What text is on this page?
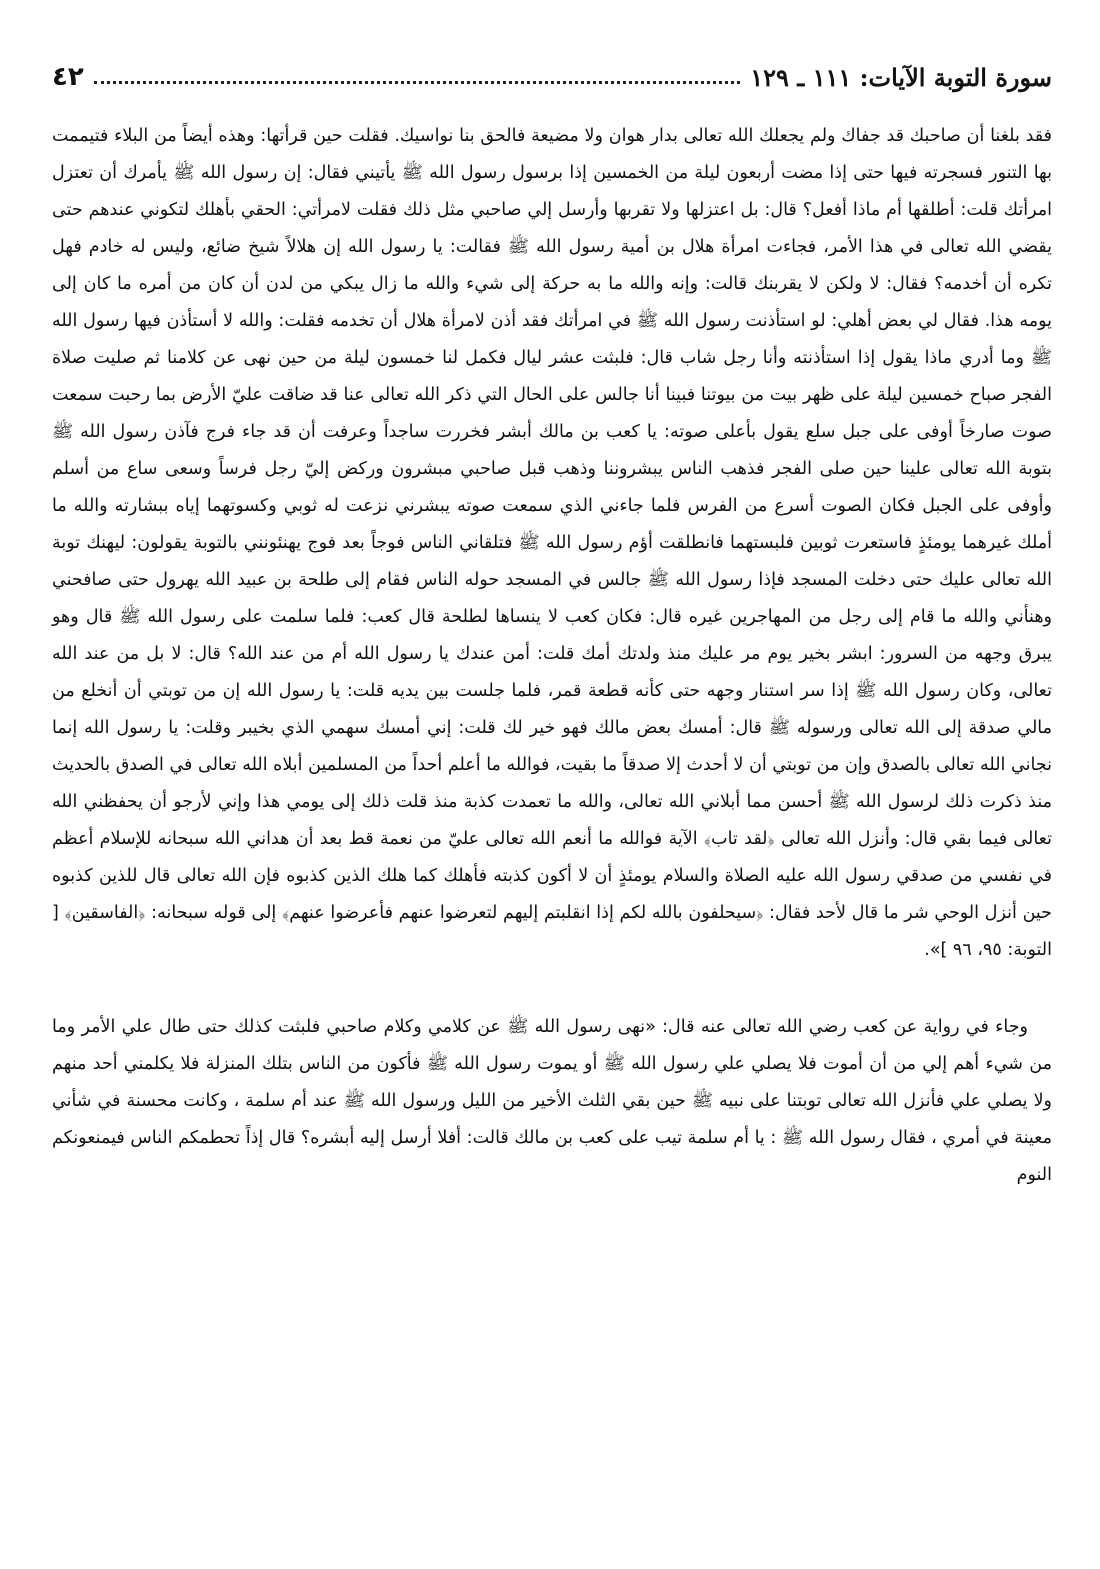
سورة التوبة الآيات: ١١١ ـ ١٢٩
٤٢

فقد بلغنا أن صاحبك قد جفاك ولم يجعلك الله تعالى بدار هوان ولا مضيعة فالحق بنا نواسيك. فقلت حين قرأتها: وهذه أيضاً من البلاء فتيممت بها التنور فسجرته فيها حتى إذا مضت أربعون ليلة من الخمسين إذا برسول رسول الله ﷺ يأتيني فقال: إن رسول الله ﷺ يأمرك أن تعتزل امرأتك قلت: أطلقها أم ماذا أفعل؟ قال: بل اعتزلها ولا تقربها وأرسل إلي صاحبي مثل ذلك فقلت لامرأتي: الحقي بأهلك لتكوني عندهم حتى يقضي الله تعالى في هذا الأمر، فجاءت امرأة هلال بن أمية رسول الله ﷺ فقالت: يا رسول الله إن هلالاً شيخ ضائع، وليس له خادم فهل تكره أن أخدمه؟ فقال: لا ولكن لا يقربنك قالت: وإنه والله ما به حركة إلى شيء والله ما زال يبكي من لدن أن كان من أمره ما كان إلى يومه هذا. فقال لي بعض أهلي: لو استأذنت رسول الله ﷺ في امرأتك فقد أذن لامرأة هلال أن تخدمه فقلت: والله لا أستأذن فيها رسول الله ﷺ وما أدري ماذا يقول إذا استأذنته وأنا رجل شاب قال: فلبثت عشر ليال فكمل لنا خمسون ليلة من حين نهى عن كلامنا ثم صليت صلاة الفجر صباح خمسين ليلة على ظهر بيت من بيوتنا فبينا أنا جالس على الحال التي ذكر الله تعالى عنا قد ضاقت عليّ الأرض بما رحبت سمعت صوت صارخاً أوفى على جبل سلع يقول بأعلى صوته: يا كعب بن مالك أبشر فخررت ساجداً وعرفت أن قد جاء فرج فآذن رسول الله ﷺ بتوبة الله تعالى علينا حين صلى الفجر فذهب الناس يبشروننا وذهب قبل صاحبي مبشرون وركض إليّ رجل فرساً وسعى ساع من أسلم وأوفى على الجبل فكان الصوت أسرع من الفرس فلما جاءني الذي سمعت صوته يبشرني نزعت له ثوبي وكسوتهما إياه ببشارته والله ما أملك غيرهما يومئذٍ فاستعرت ثوبين فلبستهما فانطلقت أؤم رسول الله ﷺ فتلقاني الناس فوجاً بعد فوج يهنئونني بالتوبة يقولون: ليهنك توبة الله تعالى عليك حتى دخلت المسجد فإذا رسول الله ﷺ جالس في المسجد حوله الناس فقام إلى طلحة بن عبيد الله يهرول حتى صافحني وهنأني والله ما قام إلى رجل من المهاجرين غيره قال: فكان كعب لا ينساها لطلحة قال كعب: فلما سلمت على رسول الله ﷺ قال وهو يبرق وجهه من السرور: ابشر بخير يوم مر عليك منذ ولدتك أمك قلت: أمن عندك يا رسول الله أم من عند الله؟ قال: لا بل من عند الله تعالى، وكان رسول الله ﷺ إذا سر استنار وجهه حتى كأنه قطعة قمر، فلما جلست بين يديه قلت: يا رسول الله إن من توبتي أن أنخلع من مالي صدقة إلى الله تعالى ورسوله ﷺ قال: أمسك بعض مالك فهو خير لك قلت: إني أمسك سهمي الذي بخيبر وقلت: يا رسول الله إنما نجاني الله تعالى بالصدق وإن من توبتي أن لا أحدث إلا صدقاً ما بقيت، فوالله ما أعلم أحداً من المسلمين أبلاه الله تعالى في الصدق بالحديث منذ ذكرت ذلك لرسول الله ﷺ أحسن مما أبلاني الله تعالى، والله ما تعمدت كذبة منذ قلت ذلك إلى يومي هذا وإني لأرجو أن يحفظني الله تعالى فيما بقي قال: وأنزل الله تعالى ﴿لقد تاب﴾ الآية فوالله ما أنعم الله تعالى عليّ من نعمة قط بعد أن هداني الله سبحانه للإسلام أعظم في نفسي من صدقي رسول الله عليه الصلاة والسلام يومئذٍ أن لا أكون كذبته فأهلك كما هلك الذين كذبوه فإن الله تعالى قال للذين كذبوه حين أنزل الوحي شر ما قال لأحد فقال: ﴿سيحلفون بالله لكم إذا انقلبتم إليهم لتعرضوا عنهم فأعرضوا عنهم﴾ إلى قوله سبحانه: ﴿الفاسقين﴾ [ التوبة: ٩٥، ٩٦ ]».

وجاء في رواية عن كعب رضي الله تعالى عنه قال: «نهى رسول الله ﷺ عن كلامي وكلام صاحبي فلبثت كذلك حتى طال علي الأمر وما من شيء أهم إلي من أن أموت فلا يصلي علي رسول الله ﷺ أو يموت رسول الله ﷺ فأكون من الناس بتلك المنزلة فلا يكلمني أحد منهم ولا يصلي علي فأنزل الله تعالى توبتنا على نبيه ﷺ حين بقي الثلث الأخير من الليل ورسول الله ﷺ عند أم سلمة ، وكانت محسنة في شأني معينة في أمري ، فقال رسول الله ﷺ : يا أم سلمة تيب على كعب بن مالك قالت: أفلا أرسل إليه أبشره؟ قال إذاً تحطمكم الناس فيمنعونكم النوم
